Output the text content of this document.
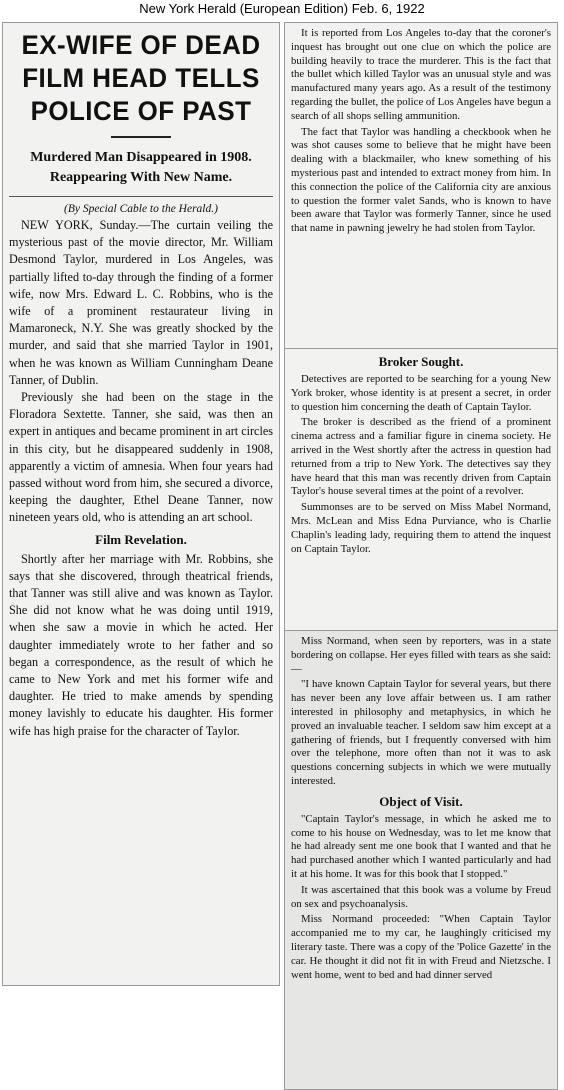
New York Herald (European Edition) Feb. 6, 1922
EX-WIFE OF DEAD FILM HEAD TELLS POLICE OF PAST
Murdered Man Disappeared in 1908. Reappearing With New Name.
(By Special Cable to the Herald.)

NEW YORK, Sunday.—The curtain veiling the mysterious past of the movie director, Mr. William Desmond Taylor, murdered in Los Angeles, was partially lifted to-day through the finding of a former wife, now Mrs. Edward L. C. Robbins, who is the wife of a prominent restaurateur living in Mamaroneck, N.Y. She was greatly shocked by the murder, and said that she married Taylor in 1901, when he was known as William Cunningham Deane Tanner, of Dublin.

Previously she had been on the stage in the Floradora Sextette. Tanner, she said, was then an expert in antiques and became prominent in art circles in this city, but he disappeared suddenly in 1908, apparently a victim of amnesia. When four years had passed without word from him, she secured a divorce, keeping the daughter, Ethel Deane Tanner, now nineteen years old, who is attending an art school.

Film Revelation.

Shortly after her marriage with Mr. Robbins, she says that she discovered, through theatrical friends, that Tanner was still alive and was known as Taylor. She did not know what he was doing until 1919, when she saw a movie in which he acted. Her daughter immediately wrote to her father and so began a correspondence, as the result of which he came to New York and met his former wife and daughter. He tried to make amends by spending money lavishly to educate his daughter. His former wife has high praise for the character of Taylor.

It is reported from Los Angeles to-day that the coroner's inquest has brought out one clue on which the police are building heavily to trace the murderer. This is the fact that the bullet which killed Taylor was an unusual style and was manufactured many years ago. As a result of the testimony regarding the bullet, the police of Los Angeles have begun a search of all shops selling ammunition.

The fact that Taylor was handling a checkbook when he was shot causes some to believe that he might have been dealing with a blackmailer, who knew something of his mysterious past and intended to extract money from him. In this connection the police of the California city are anxious to question the former valet Sands, who is known to have been aware that Taylor was formerly Tanner, since he used that name in pawning jewelry he had stolen from Taylor.

Broker Sought.

Detectives are reported to be searching for a young New York broker, whose identity is at present a secret, in order to question him concerning the death of Captain Taylor.

The broker is described as the friend of a prominent cinema actress and a familiar figure in cinema society. He arrived in the West shortly after the actress in question had returned from a trip to New York. The detectives say they have heard that this man was recently driven from Captain Taylor's house several times at the point of a revolver.

Summonses are to be served on Miss Mabel Normand, Mrs. McLean and Miss Edna Purviance, who is Charlie Chaplin's leading lady, requiring them to attend the inquest on Captain Taylor.

Miss Normand, when seen by reporters, was in a state bordering on collapse. Her eyes filled with tears as she said:—

"I have known Captain Taylor for several years, but there has never been any love affair between us. I am rather interested in philosophy and metaphysics, in which he proved an invaluable teacher. I seldom saw him except at a gathering of friends, but I frequently conversed with him over the telephone, more often than not it was to ask questions concerning subjects in which we were mutually interested.

Object of Visit.

"Captain Taylor's message, in which he asked me to come to his house on Wednesday, was to let me know that he had already sent me one book that I wanted and that he had purchased another which I wanted particularly and had it at his home. It was for this book that I stopped."

It was ascertained that this book was a volume by Freud on sex and psychoanalysis.

Miss Normand proceeded: "When Captain Taylor accompanied me to my car, he laughingly criticised my literary taste. There was a copy of the 'Police Gazette' in the car. He thought it did not fit in with Freud and Nietzsche. I went home, went to bed and had dinner served
